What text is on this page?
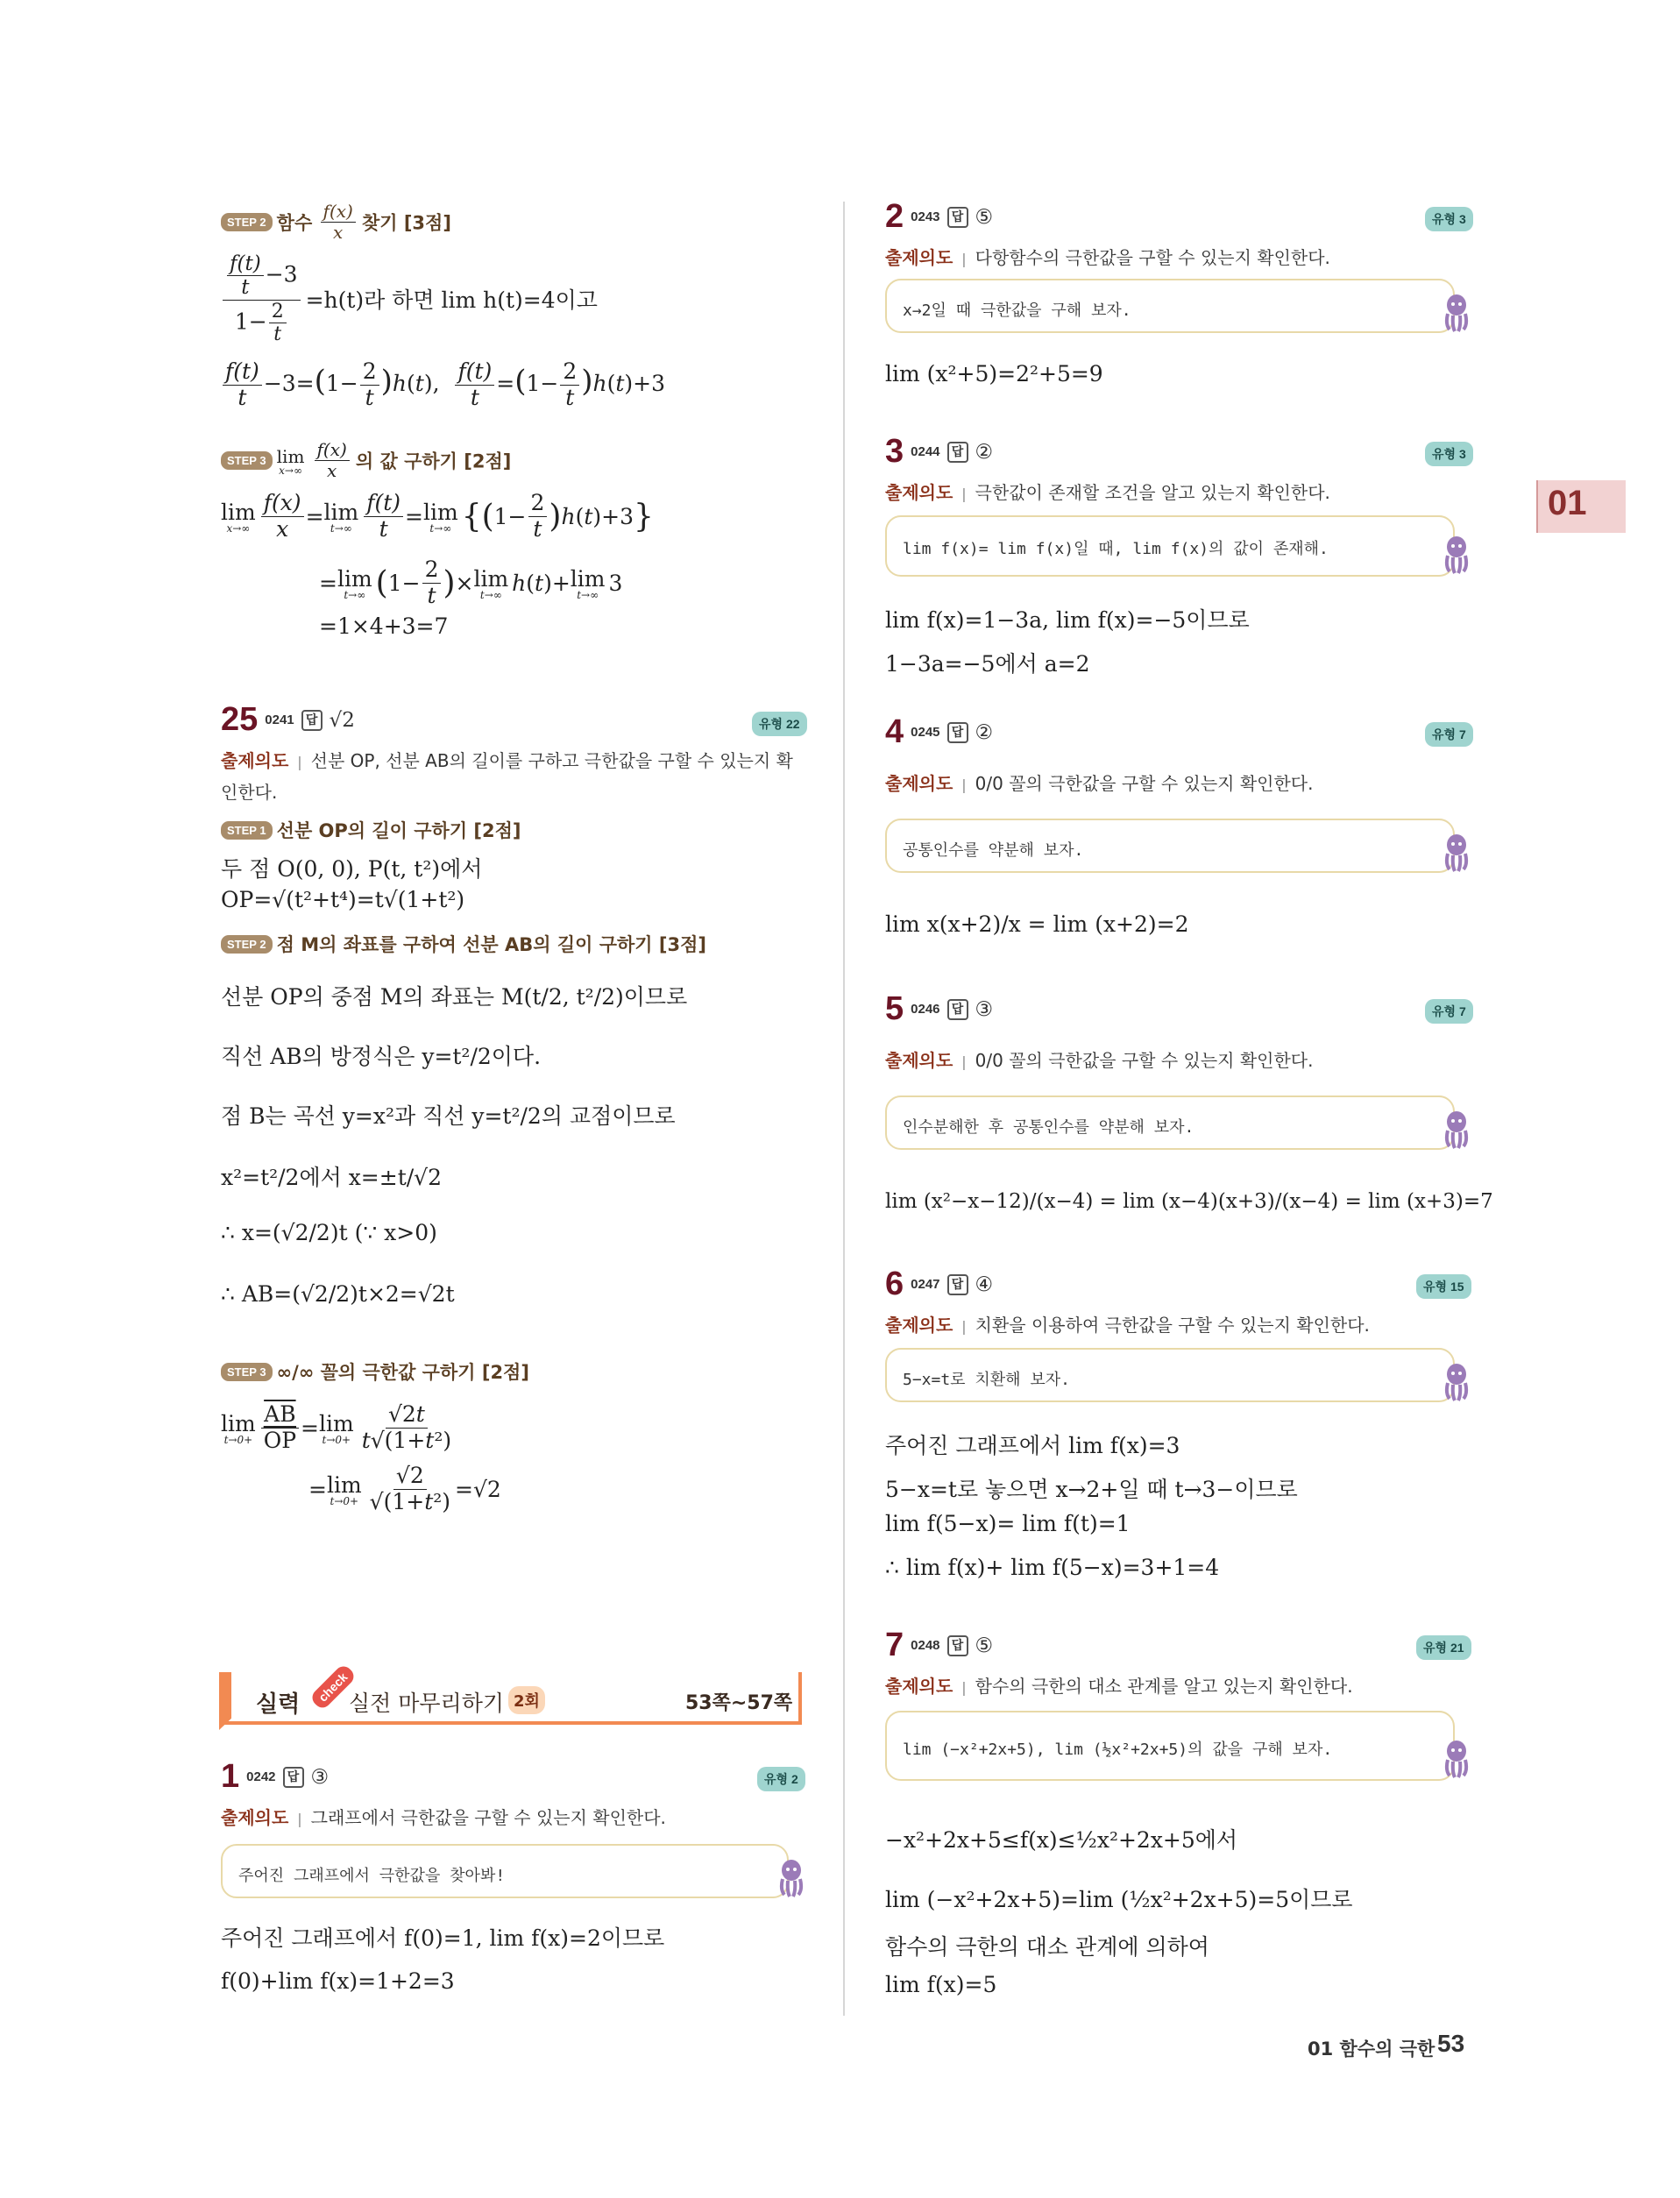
01
STEP 2 함수 $\frac{f(x)}{x}$ 찾기 [3점]
$\frac{\frac{f(t)}{t} -3}{1- \frac{2}{t}} =h(t)$라 하면 lim h(t)=4이고
$\frac{f(t)}{t} -3=(1- \frac{2}{t} )h(t)$, $\frac{f(t)}{t} =(1- \frac{2}{t} )h(t)+3$
STEP 3 lim
x→∞
$\frac{f(x)}{x}$ 의 값 구하기 [2점]
lim
$x\to\infty \frac{f(x)}{x} = \lim$
$t\to\infty \frac{f(t)}{t} = \lim$
t→∞ {( $1- \frac{2}{t}$ ) h ( t )+3 }
= lim
t→∞ ( $1- \frac{2}{t}$ ) × lim
t→∞ h ( t )+ lim
t→∞ 3
=1×4+3=7
25 0241 답 √2	유형 22
출제의도 | 선분 OP, 선분 AB의 길이를 구하고 극한값을 구할 수 있는지 확
인한다.
STEP 1 선분 OP의 길이 구하기 [2점]
두 점 O(0, 0), P(t, t²)에서
OP=√(t²+t⁴)=t√(1+t²)
STEP 2 점 M의 좌표를 구하여 선분 AB의 길이 구하기 [3점]
선분 OP의 중점 M의 좌표는 M(t/2, t²/2)이므로
직선 AB의 방정식은 y=t²/2이다.
점 B는 곡선 y=x²과 직선 y=t²/2의 교점이므로
x²=t²/2에서 x=±t/√2
∴ x=(√2/2)t (∵ x>0)
∴ AB=(√2/2)t×2=√2t
STEP 3 ∞/∞ 꼴의 극한값 구하기 [2점]
lim
$t\to 0+ \frac{\overline{AB}}{OP} = \lim$
$t\to 0+ \frac{√2t}{\text{t√(1+t²)}}$
= lim
$t\to 0+ \frac{√2}{\text{√(1+t²)}} =√2$
실력
check
실전 마무리하기 2회	53쪽~57쪽
1 0242 답 ③	유형 2
출제의도 | 그래프에서 극한값을 구할 수 있는지 확인한다.
주어진 그래프에서 극한값을 찾아봐!
주어진 그래프에서 f(0)=1, lim f(x)=2이므로
f(0)+lim f(x)=1+2=3
2 0243 답 ⑤	유형 3
출제의도 | 다항함수의 극한값을 구할 수 있는지 확인한다.
x→2일 때 극한값을 구해 보자.
lim (x²+5)=2²+5=9
3 0244 답 ②	유형 3
출제의도 | 극한값이 존재할 조건을 알고 있는지 확인한다.
lim f(x)= lim f(x)일 때, lim f(x)의 값이 존재해.
lim f(x)=1−3a, lim f(x)=−5이므로
1−3a=−5에서 a=2
4 0245 답 ②	유형 7
출제의도 | 0/0 꼴의 극한값을 구할 수 있는지 확인한다.
공통인수를 약분해 보자.
lim x(x+2)/x = lim (x+2)=2
5 0246 답 ③	유형 7
출제의도 | 0/0 꼴의 극한값을 구할 수 있는지 확인한다.
인수분해한 후 공통인수를 약분해 보자.
lim (x²−x−12)/(x−4) = lim (x−4)(x+3)/(x−4) = lim (x+3)=7
6 0247 답 ④	유형 15
출제의도 | 치환을 이용하여 극한값을 구할 수 있는지 확인한다.
5−x=t로 치환해 보자.
주어진 그래프에서 lim f(x)=3
5−x=t로 놓으면 x→2+일 때 t→3−이므로
lim f(5−x)= lim f(t)=1
∴ lim f(x)+ lim f(5−x)=3+1=4
7 0248 답 ⑤	유형 21
출제의도 | 함수의 극한의 대소 관계를 알고 있는지 확인한다.
lim (−x²+2x+5), lim (½x²+2x+5)의 값을 구해 보자.
−x²+2x+5≤f(x)≤½x²+2x+5에서
lim (−x²+2x+5)=lim (½x²+2x+5)=5이므로
함수의 극한의 대소 관계에 의하여
lim f(x)=5
01 함수의 극한 53
